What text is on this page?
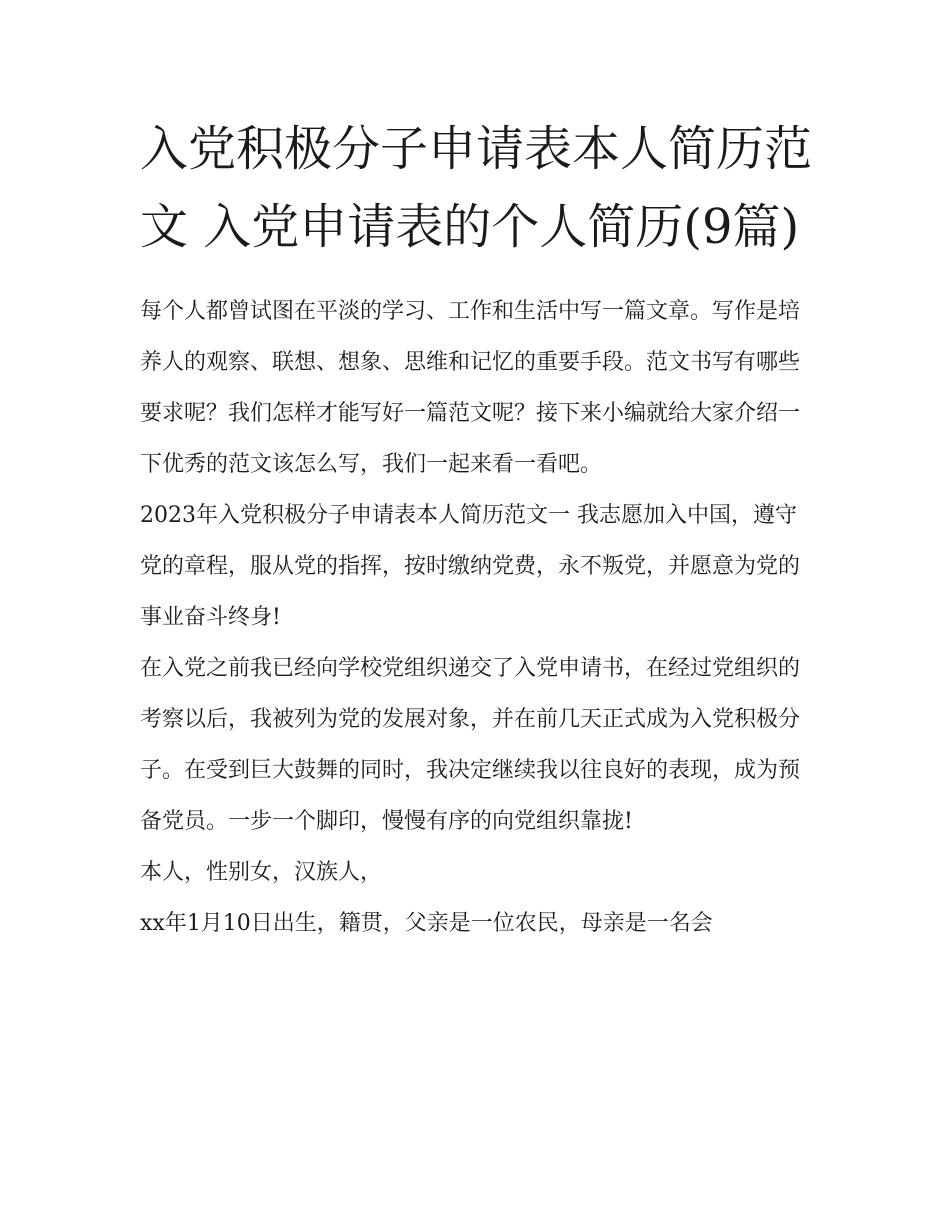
入党积极分子申请表本人简历范文 入党申请表的个人简历(9篇)

每个人都曾试图在平淡的学习、工作和生活中写一篇文章。写作是培养人的观察、联想、想象、思维和记忆的重要手段。范文书写有哪些要求呢？我们怎样才能写好一篇范文呢？接下来小编就给大家介绍一下优秀的范文该怎么写，我们一起来看一看吧。

2023年入党积极分子申请表本人简历范文一 我志愿加入中国，遵守党的章程，服从党的指挥，按时缴纳党费，永不叛党，并愿意为党的事业奋斗终身!

在入党之前我已经向学校党组织递交了入党申请书，在经过党组织的考察以后，我被列为党的发展对象，并在前几天正式成为入党积极分子。在受到巨大鼓舞的同时，我决定继续我以往良好的表现，成为预备党员。一步一个脚印，慢慢有序的向党组织靠拢!

本人，性别女，汉族人，

xx年1月10日出生，籍贯，父亲是一位农民，母亲是一名会
